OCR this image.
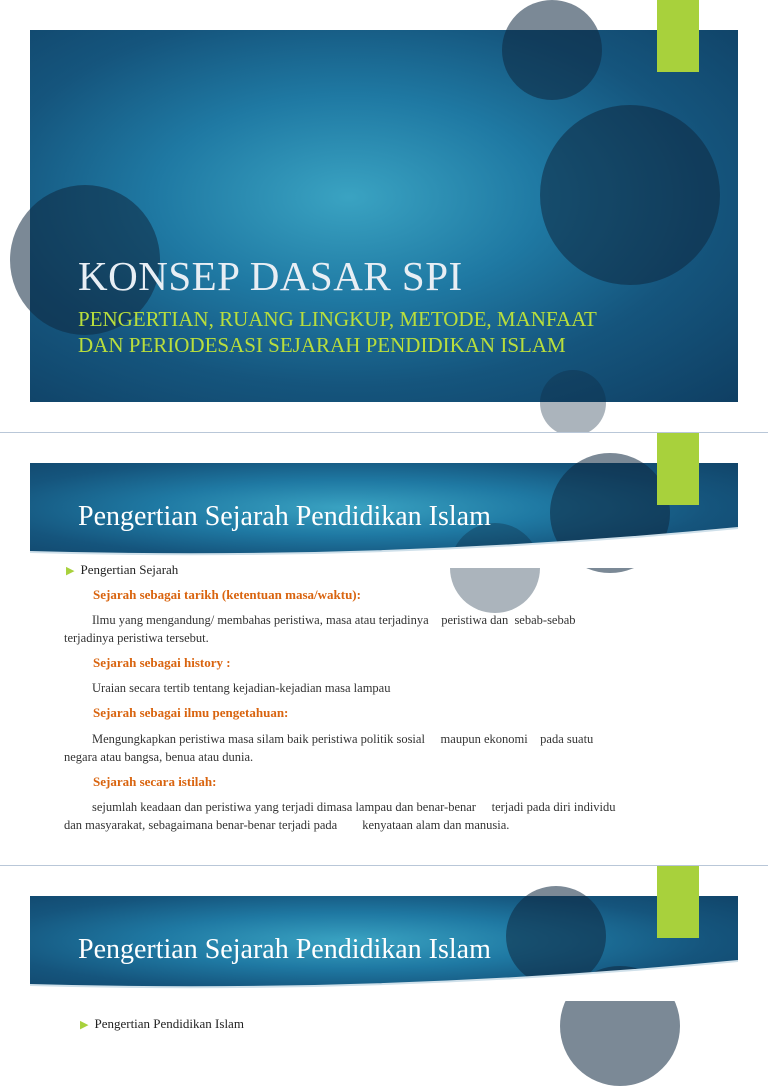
KONSEP DASAR SPI
PENGERTIAN, RUANG LINGKUP, METODE, MANFAAT
DAN PERIODESASI SEJARAH PENDIDIKAN ISLAM
Pengertian Sejarah Pendidikan Islam
▶ Pengertian Sejarah

Sejarah sebagai tarikh (ketentuan masa/waktu):

Ilmu yang mengandung/ membahas peristiwa, masa atau terjadinya    peristiwa dan  sebab-sebab
terjadinya peristiwa tersebut.

Sejarah sebagai history :

Uraian secara tertib tentang kejadian-kejadian masa lampau

Sejarah sebagai ilmu pengetahuan:

Mengungkapkan peristiwa masa silam baik peristiwa politik sosial     maupun ekonomi    pada suatu
negara atau bangsa, benua atau dunia.

Sejarah secara istilah:

sejumlah keadaan dan peristiwa yang terjadi dimasa lampau dan benar-benar     terjadi pada diri individu
dan masyarakat, sebagaimana benar-benar terjadi pada        kenyataan alam dan manusia.

Pengertian Sejarah Pendidikan Islam
▶ Pengertian Pendidikan Islam
